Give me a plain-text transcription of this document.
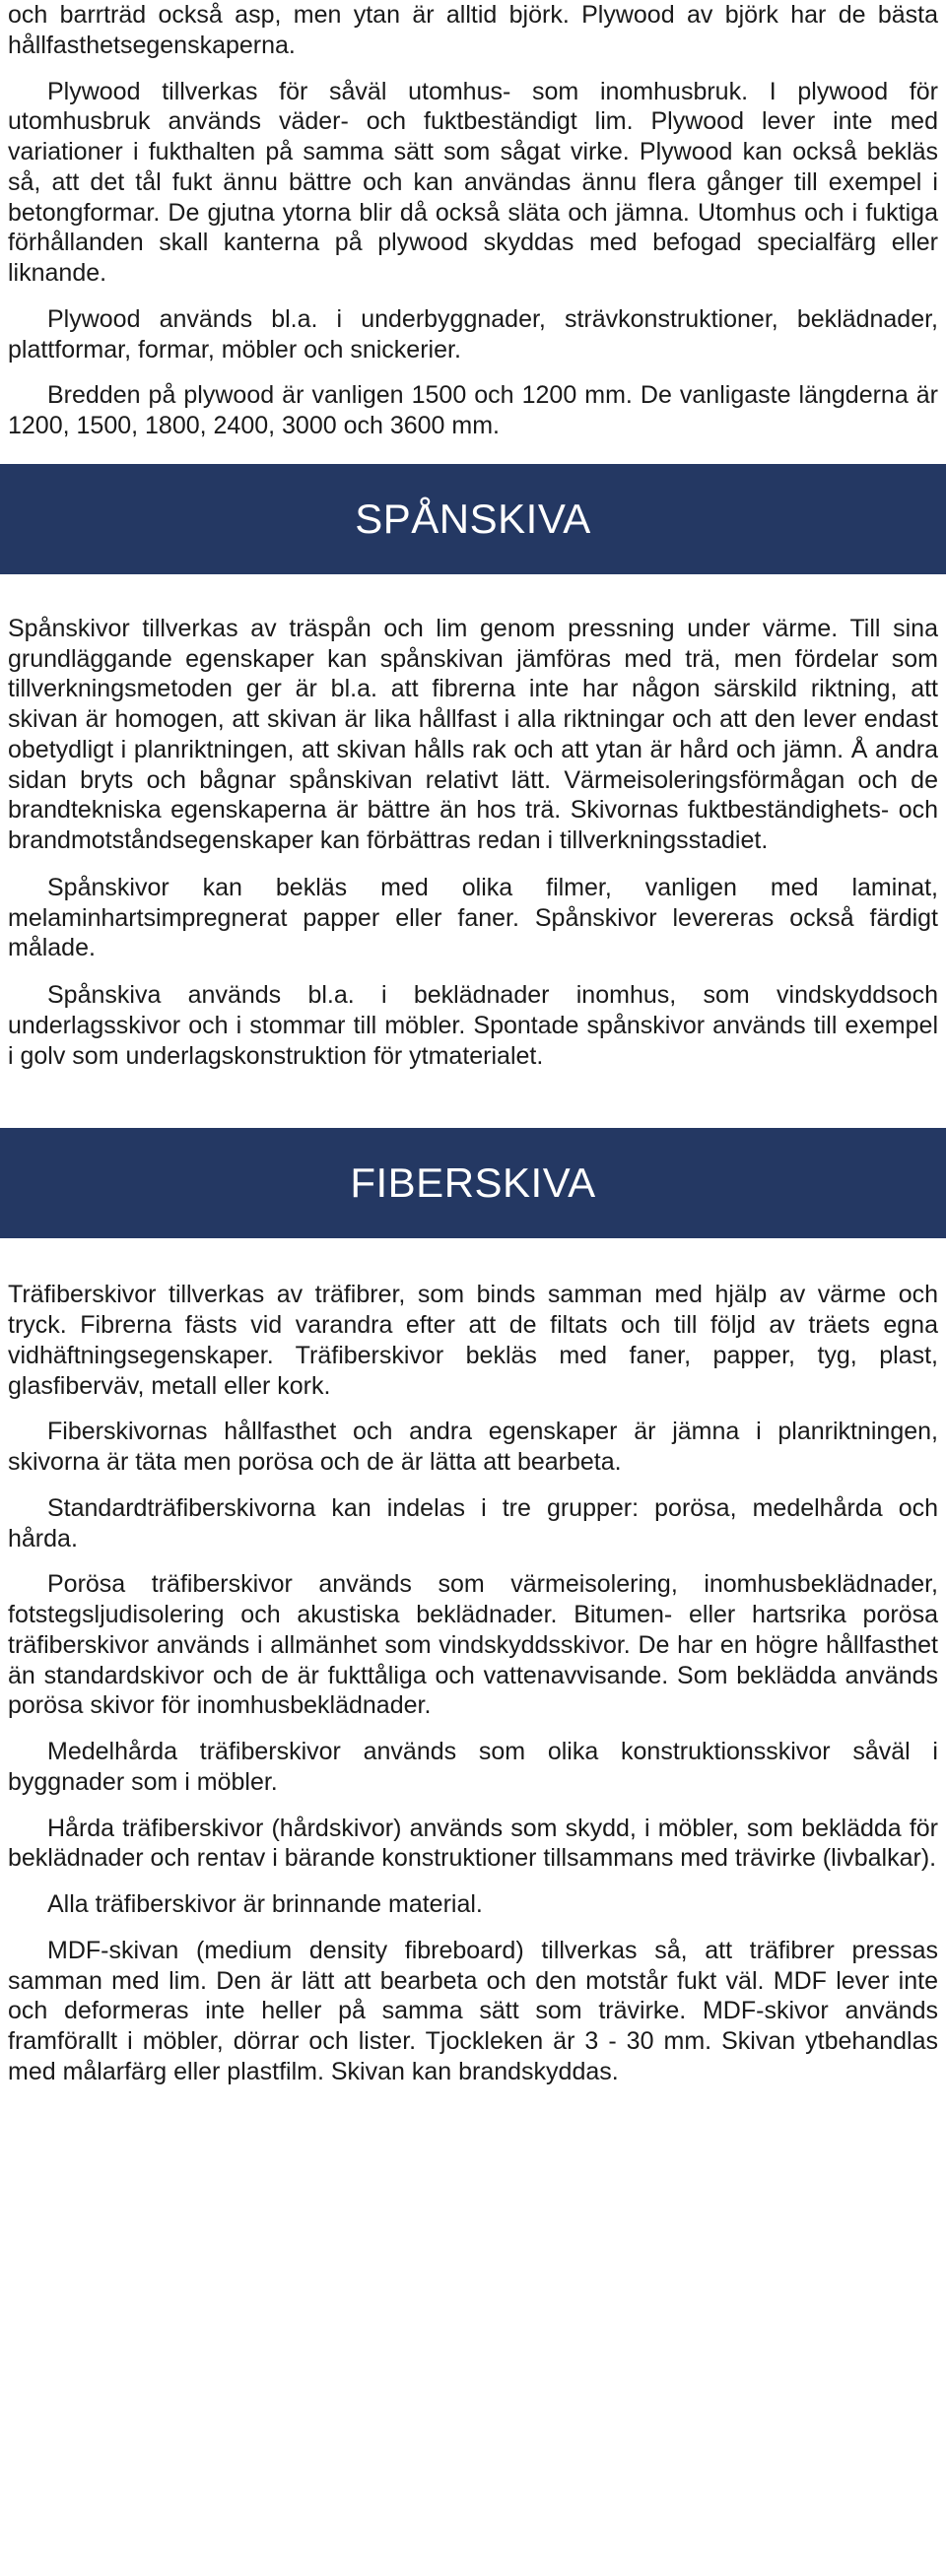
och barrträd också asp, men ytan är alltid björk. Plywood av björk har de bästa hållfasthetsegenskaperna.

Plywood tillverkas för såväl utomhus- som inomhusbruk. I plywood för utomhusbruk används väder- och fuktbeständigt lim. Plywood lever inte med variationer i fukthalten på samma sätt som sågat virke. Plywood kan också bekläs så, att det tål fukt ännu bättre och kan användas ännu flera gånger till exempel i betongformar. De gjutna ytorna blir då också släta och jämna. Utomhus och i fuktiga förhållanden skall kanterna på plywood skyddas med befogad specialfärg eller liknande.

Plywood används bl.a. i underbyggnader, strävkonstruktioner, beklädnader, plattformar, formar, möbler och snickerier.

Bredden på plywood är vanligen 1500 och 1200 mm. De vanligaste längderna är 1200, 1500, 1800, 2400, 3000 och 3600 mm.

SPÅNSKIVA

Spånskivor tillverkas av träspån och lim genom pressning under värme. Till sina grundläggande egenskaper kan spånskivan jämföras med trä, men fördelar som tillverkningsmetoden ger är bl.a. att fibrerna inte har någon särskild riktning, att skivan är homogen, att skivan är lika hållfast i alla riktningar och att den lever endast obetydligt i planriktningen, att skivan hålls rak och att ytan är hård och jämn. Å andra sidan bryts och bågnar spånskivan relativt lätt. Värmeisoleringsförmågan och de brandtekniska egenskaperna är bättre än hos trä. Skivornas fuktbeständighets- och brandmotståndsegenskaper kan förbättras redan i tillverkningsstadiet.

Spånskivor kan bekläs med olika filmer, vanligen med laminat, melaminhartsimpregnerat papper eller faner. Spånskivor levereras också färdigt målade.

Spånskiva används bl.a. i beklädnader inomhus, som vindskyddsoch underlagsskivor och i stommar till möbler. Spontade spånskivor används till exempel i golv som underlagskonstruktion för ytmaterialet.

FIBERSKIVA

Träfiberskivor tillverkas av träfibrer, som binds samman med hjälp av värme och tryck. Fibrerna fästs vid varandra efter att de filtats och till följd av träets egna vidhäftningsegenskaper. Träfiberskivor bekläs med faner, papper, tyg, plast, glasfiberväv, metall eller kork.

Fiberskivornas hållfasthet och andra egenskaper är jämna i planriktningen, skivorna är täta men porösa och de är lätta att bearbeta.

Standardträfiberskivorna kan indelas i tre grupper: porösa, medelhårda och hårda.

Porösa träfiberskivor används som värmeisolering, inomhusbeklädnader, fotstegsljudisolering och akustiska beklädnader. Bitumen- eller hartsrika porösa träfiberskivor används i allmänhet som vindskyddsskivor. De har en högre hållfasthet än standardskivor och de är fukttåliga och vattenavvisande. Som beklädda används porösa skivor för inomhusbeklädnader.

Medelhårda träfiberskivor används som olika konstruktionsskivor såväl i byggnader som i möbler.

Hårda träfiberskivor (hårdskivor) används som skydd, i möbler, som beklädda för beklädnader och rentav i bärande konstruktioner tillsammans med trävirke (livbalkar).

Alla träfiberskivor är brinnande material.

MDF-skivan (medium density fibreboard) tillverkas så, att träfibrer pressas samman med lim. Den är lätt att bearbeta och den motstår fukt väl. MDF lever inte och deformeras inte heller på samma sätt som trävirke. MDF-skivor används framförallt i möbler, dörrar och lister. Tjockleken är 3 - 30 mm. Skivan ytbehandlas med målarfärg eller plastfilm. Skivan kan brandskyddas.
